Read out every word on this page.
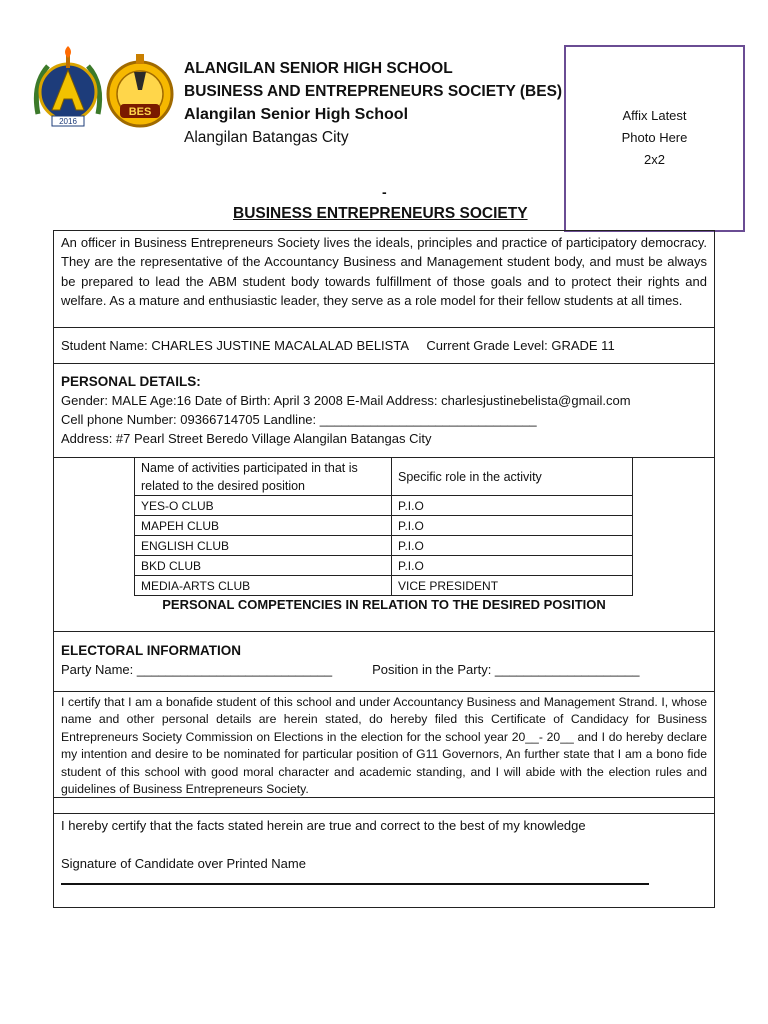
2016
BES
ALANGILAN SENIOR HIGH SCHOOL
BUSINESS AND ENTREPRENEURS SOCIETY (BES)
Alangilan Senior High School
Alangilan Batangas City
Affix Latest
Photo Here
2x2
-
BUSINESS ENTREPRENEURS SOCIETY
An officer in Business Entrepreneurs Society lives the ideals, principles and practice of participatory democracy. They are the representative of the Accountancy Business and Management student body, and must be always be prepared to lead the ABM student body towards fulfillment of those goals and to protect their rights and welfare. As a mature and enthusiastic leader, they serve as a role model for their fellow students at all times.
Student Name: CHARLES JUSTINE MACALALAD BELISTA     Current Grade Level: GRADE 11
PERSONAL DETAILS:
Gender: MALE Age:16 Date of Birth: April 3 2008 E-Mail Address: charlesjustinebelista@gmail.com
Cell phone Number: 09366714705 Landline: ______________________________
Address: #7 Pearl Street Beredo Village Alangilan Batangas City
PERSONAL COMPETENCIES IN RELATION TO THE DESIRED POSITION
Name of activities participated in that is related to the desired position	Specific role in the activity
YES-O CLUB	P.I.O
MAPEH CLUB	P.I.O
ENGLISH CLUB	P.I.O
BKD CLUB	P.I.O
MEDIA-ARTS CLUB	VICE PRESIDENT
ELECTORAL INFORMATION
Party Name: ___________________________	Position in the Party: ____________________
I certify that I am a bonafide student of this school and under Accountancy Business and Management Strand. I, whose name and other personal details are herein stated, do hereby filed this Certificate of Candidacy for Business Entrepreneurs Society Commission on Elections in the election for the school year 20__- 20__ and I do hereby declare my intention and desire to be nominated for particular position of G11 Governors, An further state that I am a bono fide student of this school with good moral character and academic standing, and I will abide with the election rules and guidelines of Business Entrepreneurs Society.
I hereby certify that the facts stated herein are true and correct to the best of my knowledge
Signature of Candidate over Printed Name
